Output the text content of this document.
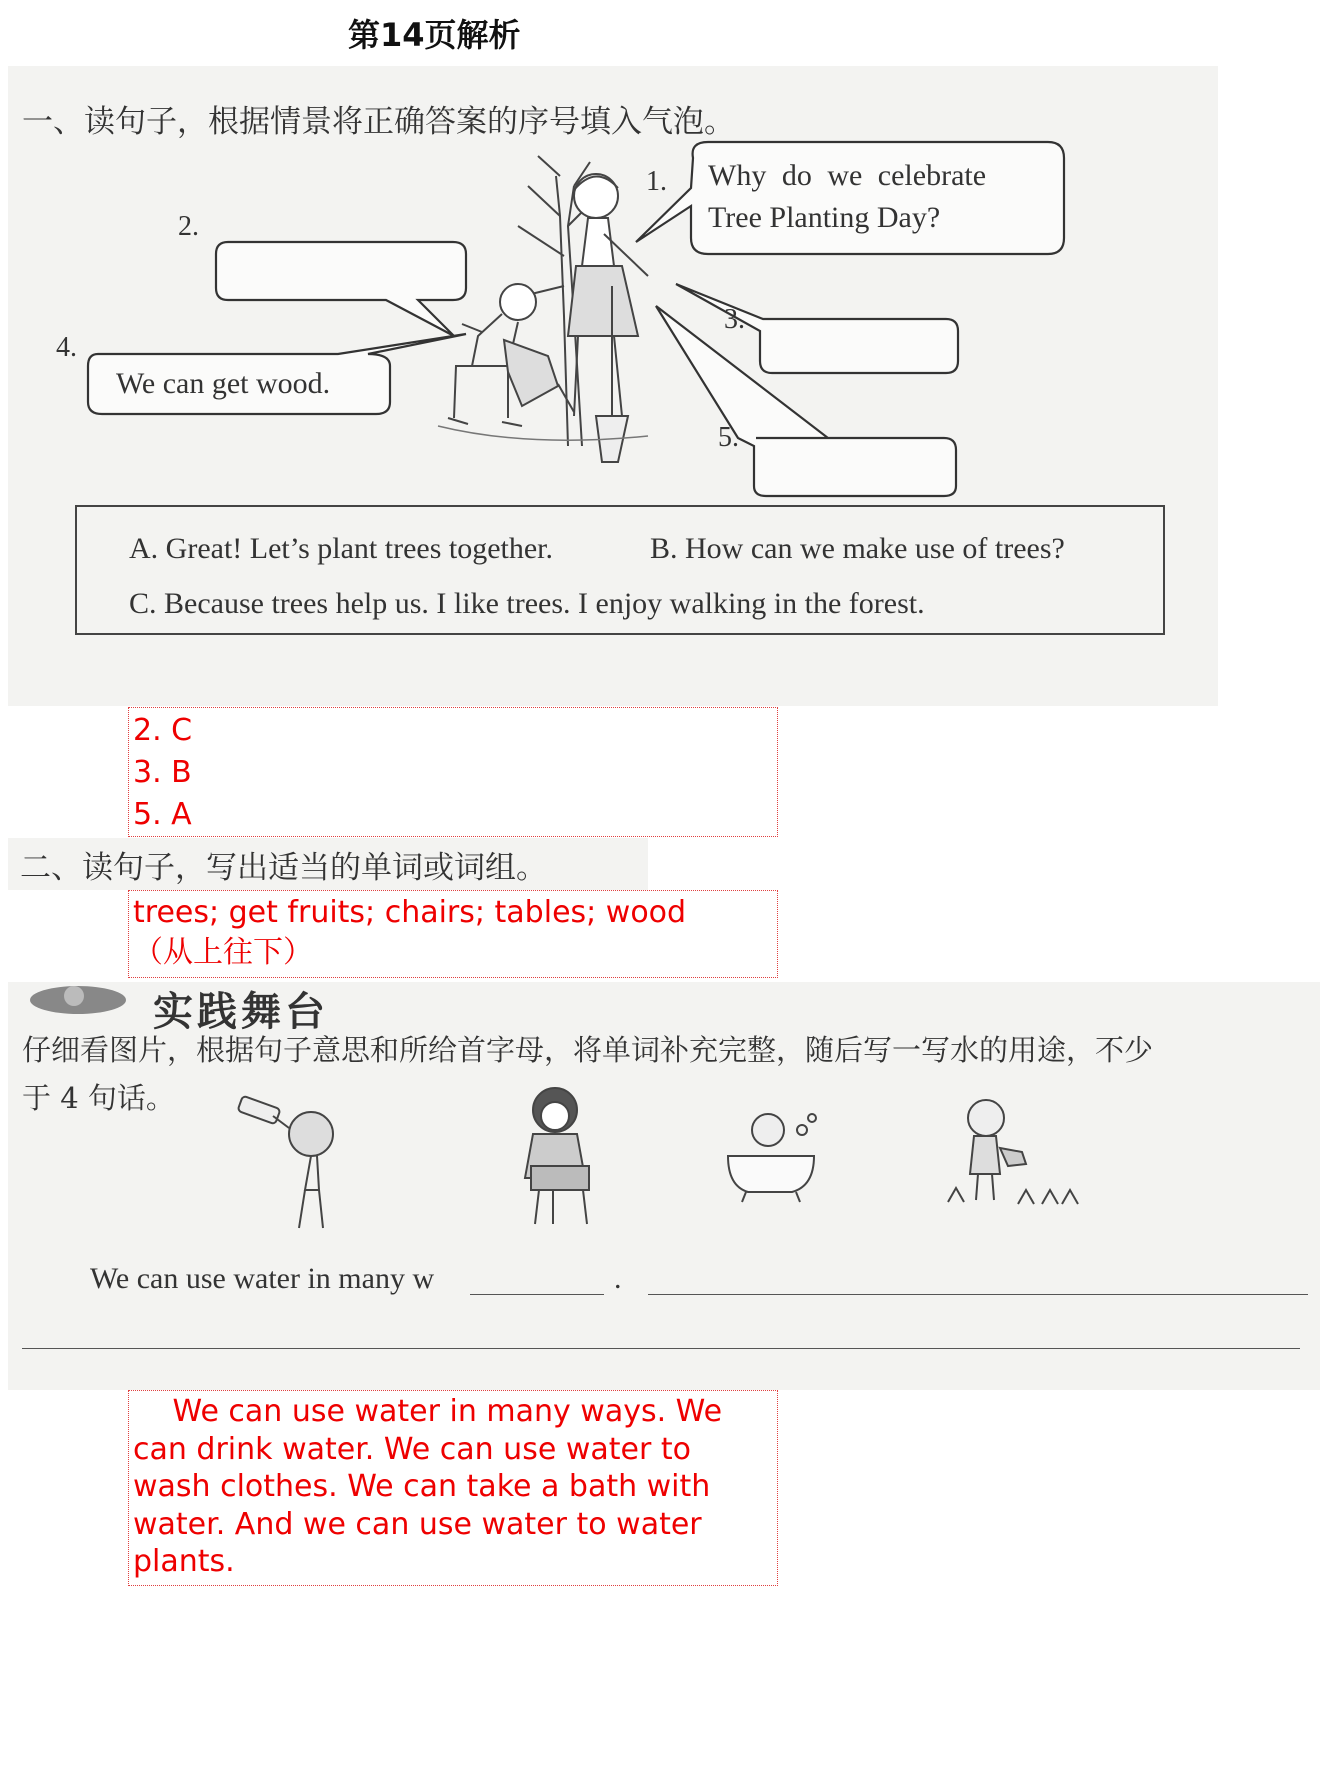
第14页解析
一、读句子，根据情景将正确答案的序号填入气泡。
1.
2.
3.
4.
5.
Why do we celebrate
Tree Planting Day?
We can get wood.
A. Great! Let’s plant trees together.	B. How can we make use of trees?
C. Because trees help us. I like trees. I enjoy walking in the forest.
2. C
3. B
5. A
二、读句子，写出适当的单词或词组。
trees; get fruits; chairs; tables; wood
（从上往下）
实践舞台
仔细看图片，根据句子意思和所给首字母，将单词补充完整，随后写一写水的用途，不少
于 4 句话。
We can use water in many w	.
　 We can use water in many ways. We
can drink water. We can use water to
wash clothes. We can take a bath with
water. And we can use water to water
plants.
